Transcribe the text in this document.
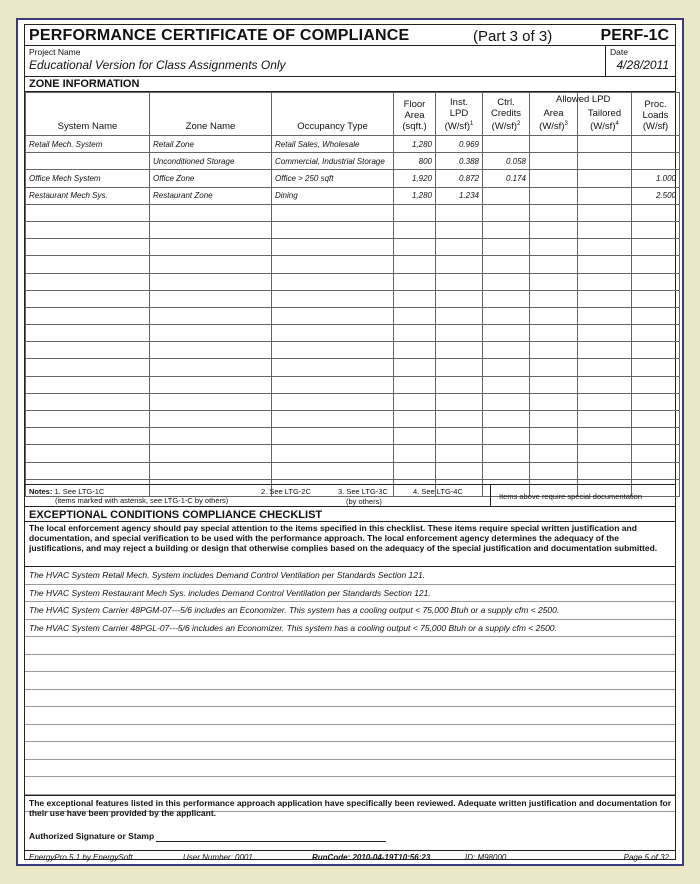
PERFORMANCE CERTIFICATE OF COMPLIANCE	(Part 3 of 3)	PERF-1C
Project Name
Educational Version for Class Assignments Only
Date
4/28/2011
ZONE INFORMATION
System Name	Zone Name	Occupancy Type	Floor
Area
(sqft.)	Inst.
LPD
$(W/sf)^1$	Ctrl.
Credits
$(W/sf)^2$	Area
$(W/sf)^3$	Tailored
$(W/sf)^4$	Proc.
Loads
(W/sf)
Retail Mech. System	Retail Zone	Retail Sales, Wholesale	1,280	0.969				
	Unconditioned Storage	Commercial, Industrial Storage	800	0.388	0.058			
Office Mech System	Office Zone	Office > 250 sqft	1,920	0.872	0.174			1.000
Restaurant Mech Sys.	Restaurant Zone	Dining	1,280	1.234				2.500

Allowed LPD
Notes: 1. See LTG-1C
(items marked with asterisk, see LTG-1-C by others)
2. See LTG-2C	3. See LTG-3C
(by others)
4. See LTG-4C
Items above require special documentation
EXCEPTIONAL CONDITIONS COMPLIANCE CHECKLIST
The local enforcement agency should pay special attention to the items specified in this checklist. These items require special written justification and documentation, and special verification to be used with the performance approach. The local enforcement agency determines the adequacy of the justifications, and may reject a building or design that otherwise complies based on the adequacy of the special justification and documentation submitted.
The HVAC System Retail Mech. System includes Demand Control Ventilation per Standards Section 121.
The HVAC System Restaurant Mech Sys. includes Demand Control Ventilation per Standards Section 121.
The HVAC System Carrier 48PGM-07---5/6 includes an Economizer. This system has a cooling output < 75,000 Btuh or a supply cfm < 2500.
The HVAC System Carrier 48PGL-07---5/6 includes an Economizer. This system has a cooling output < 75,000 Btuh or a supply cfm < 2500.
The exceptional features listed in this performance approach application have specifically been reviewed. Adequate written justification and documentation for their use have been provided by the applicant.
Authorized Signature or Stamp
EnergyPro 5.1 by EnergySoft	User Number: 0001	RunCode: 2010-04-19T10:56:23	ID: M98000	Page 5 of 32
